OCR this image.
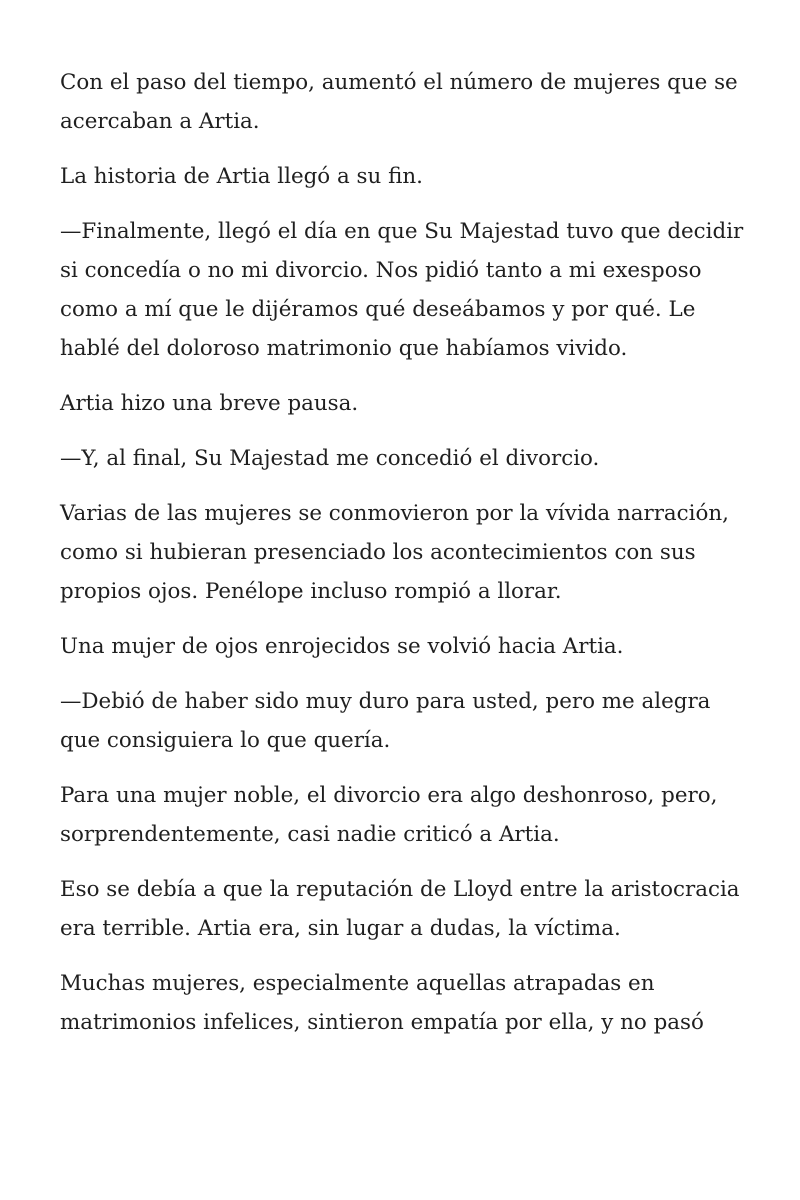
Con el paso del tiempo, aumentó el número de mujeres que se acercaban a Artia.

La historia de Artia llegó a su fin.

—Finalmente, llegó el día en que Su Majestad tuvo que decidir si concedía o no mi divorcio. Nos pidió tanto a mi exesposo como a mí que le dijéramos qué deseábamos y por qué. Le hablé del doloroso matrimonio que habíamos vivido.

Artia hizo una breve pausa.

—Y, al final, Su Majestad me concedió el divorcio.

Varias de las mujeres se conmovieron por la vívida narración, como si hubieran presenciado los acontecimientos con sus propios ojos. Penélope incluso rompió a llorar.

Una mujer de ojos enrojecidos se volvió hacia Artia.

—Debió de haber sido muy duro para usted, pero me alegra que consiguiera lo que quería.

Para una mujer noble, el divorcio era algo deshonroso, pero, sorprendentemente, casi nadie criticó a Artia.

Eso se debía a que la reputación de Lloyd entre la aristocracia era terrible. Artia era, sin lugar a dudas, la víctima.

Muchas mujeres, especialmente aquellas atrapadas en matrimonios infelices, sintieron empatía por ella, y no pasó
